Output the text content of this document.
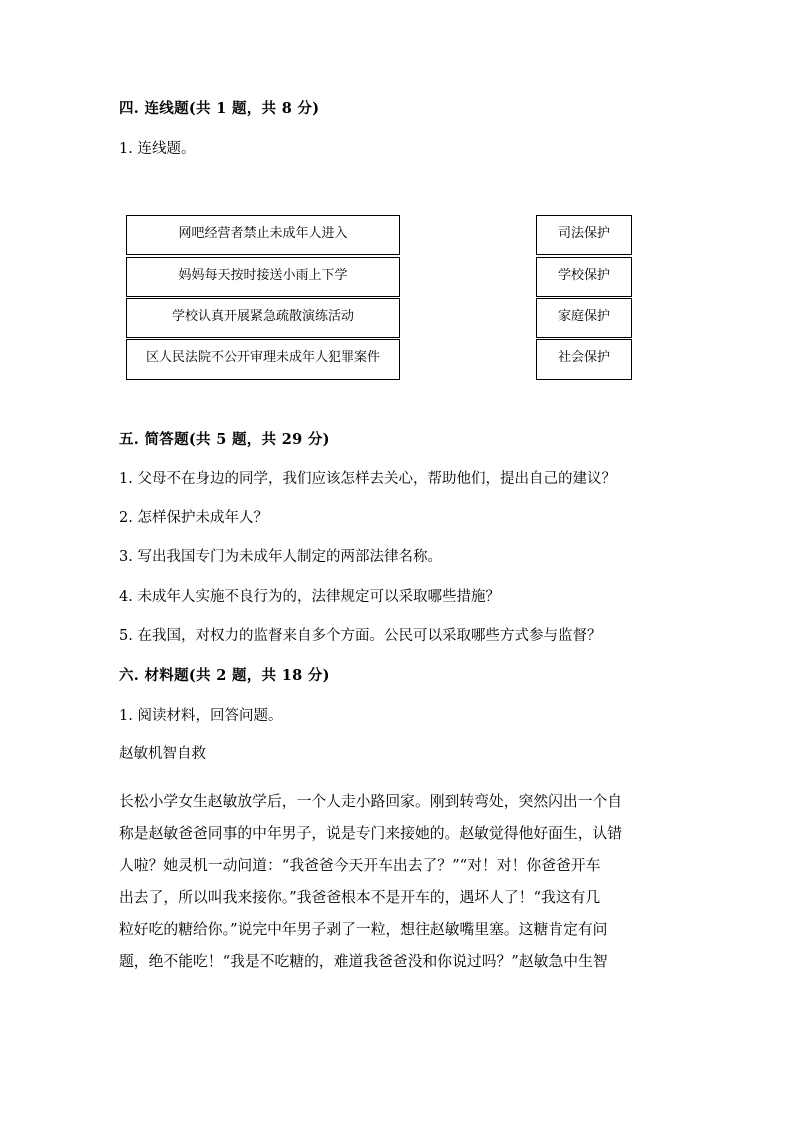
四. 连线题(共 1 题，共 8 分)
1. 连线题。
网吧经营者禁止未成年人进入
妈妈每天按时接送小雨上下学
学校认真开展紧急疏散演练活动
区人民法院不公开审理未成年人犯罪案件
司法保护
学校保护
家庭保护
社会保护
五. 简答题(共 5 题，共 29 分)
1. 父母不在身边的同学，我们应该怎样去关心，帮助他们，提出自己的建议？
2. 怎样保护未成年人？
3. 写出我国专门为未成年人制定的两部法律名称。
4. 未成年人实施不良行为的，法律规定可以采取哪些措施？
5. 在我国，对权力的监督来自多个方面。公民可以采取哪些方式参与监督？
六. 材料题(共 2 题，共 18 分)
1. 阅读材料，回答问题。
赵敏机智自救
长松小学女生赵敏放学后，一个人走小路回家。刚到转弯处，突然闪出一个自
称是赵敏爸爸同事的中年男子，说是专门来接她的。赵敏觉得他好面生，认错
人啦？她灵机一动问道：“我爸爸今天开车出去了？”“对！对！你爸爸开车
出去了，所以叫我来接你。”我爸爸根本不是开车的，遇坏人了！“我这有几
粒好吃的糖给你。”说完中年男子剥了一粒，想往赵敏嘴里塞。这糖肯定有问
题，绝不能吃！“我是不吃糖的，难道我爸爸没和你说过吗？”赵敏急中生智
